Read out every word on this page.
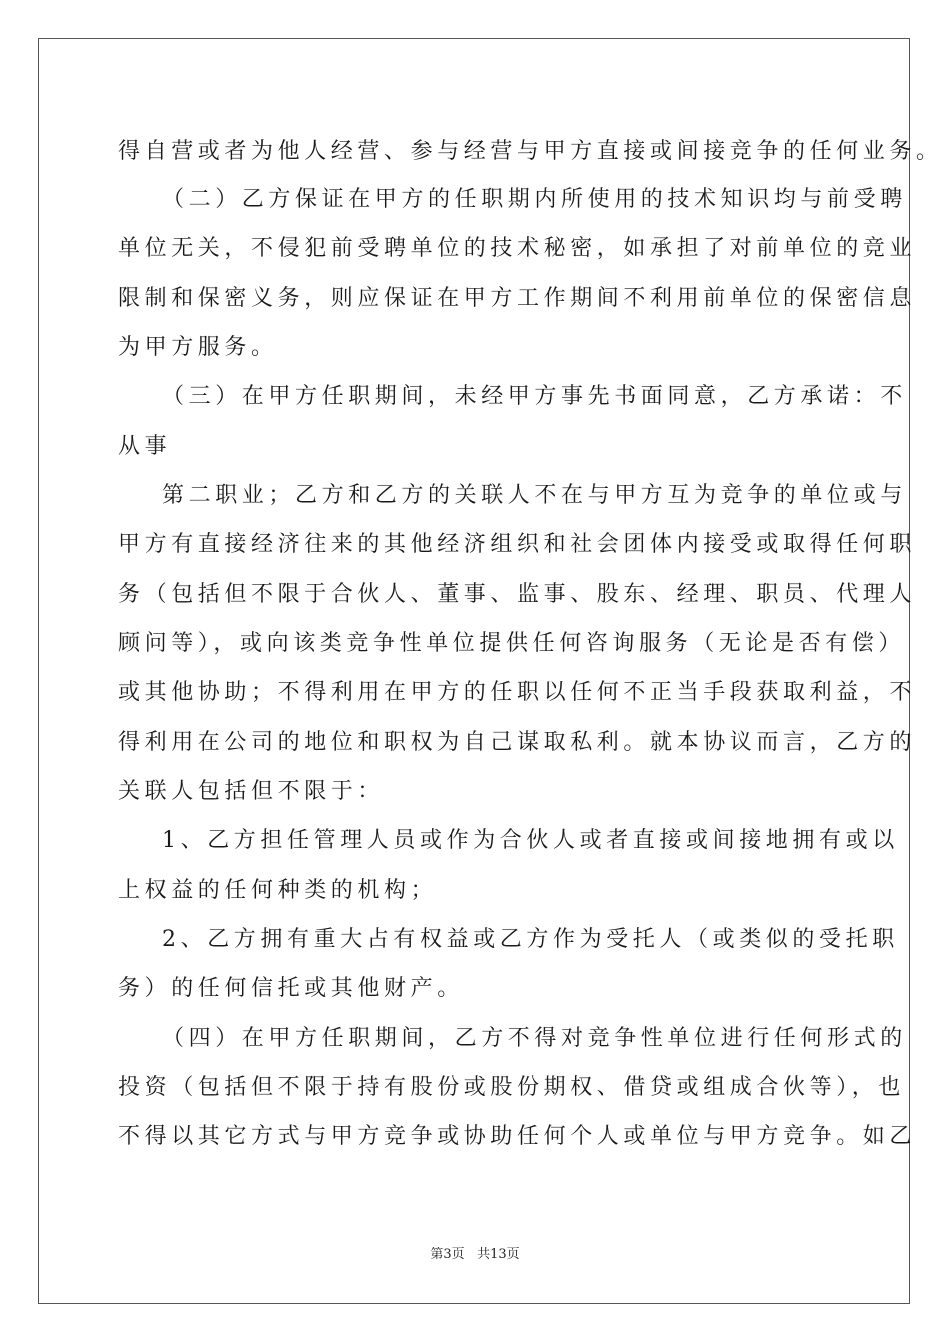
得自营或者为他人经营、参与经营与甲方直接或间接竞争的任何业务。
（二）乙方保证在甲方的任职期内所使用的技术知识均与前受聘
单位无关，不侵犯前受聘单位的技术秘密，如承担了对前单位的竞业
限制和保密义务，则应保证在甲方工作期间不利用前单位的保密信息
为甲方服务。
（三）在甲方任职期间，未经甲方事先书面同意，乙方承诺：不
从事
第二职业；乙方和乙方的关联人不在与甲方互为竞争的单位或与
甲方有直接经济往来的其他经济组织和社会团体内接受或取得任何职
务（包括但不限于合伙人、董事、监事、股东、经理、职员、代理人
顾问等），或向该类竞争性单位提供任何咨询服务（无论是否有偿）
或其他协助；不得利用在甲方的任职以任何不正当手段获取利益，不
得利用在公司的地位和职权为自己谋取私利。就本协议而言，乙方的
关联人包括但不限于：
1、乙方担任管理人员或作为合伙人或者直接或间接地拥有或以
上权益的任何种类的机构；
2、乙方拥有重大占有权益或乙方作为受托人（或类似的受托职
务）的任何信托或其他财产。
（四）在甲方任职期间，乙方不得对竞争性单位进行任何形式的
投资（包括但不限于持有股份或股份期权、借贷或组成合伙等），也
不得以其它方式与甲方竞争或协助任何个人或单位与甲方竞争。如乙
第3页 共13页
